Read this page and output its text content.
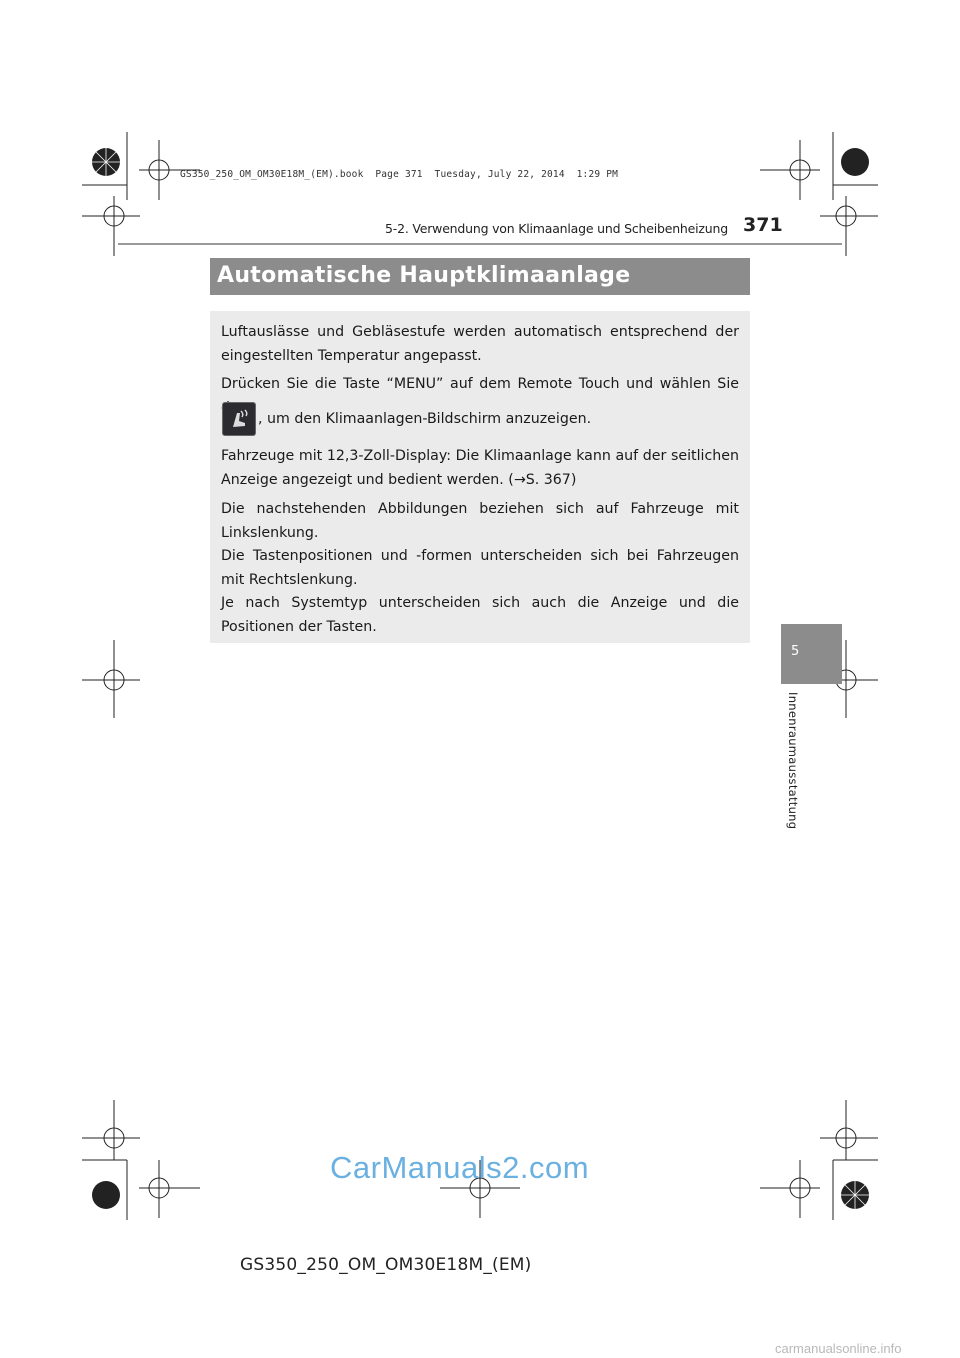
GS350_250_OM_OM30E18M_(EM).book  Page 371  Tuesday, July 22, 2014  1:29 PM
5-2. Verwendung von Klimaanlage und Scheibenheizung 371
Automatische Hauptklimaanlage

Luftauslässe und Gebläsestufe werden automatisch entsprechend der eingestellten Temperatur angepasst.

Drücken Sie die Taste “MENU” auf dem Remote Touch und wählen Sie

, um den Klimaanlagen-Bildschirm anzuzeigen.

Fahrzeuge mit 12,3-Zoll-Display: Die Klimaanlage kann auf der seitlichen Anzeige angezeigt und bedient werden. (→S. 367)

Die nachstehenden Abbildungen beziehen sich auf Fahrzeuge mit Linkslenkung.
Die Tastenpositionen und -formen unterscheiden sich bei Fahrzeugen mit Rechtslenkung.
Je nach Systemtyp unterscheiden sich auch die Anzeige und die Positionen der Tasten.
5
Innenraumausstattung
CarManuals2.com
GS350_250_OM_OM30E18M_(EM)
carmanualsonline.info
